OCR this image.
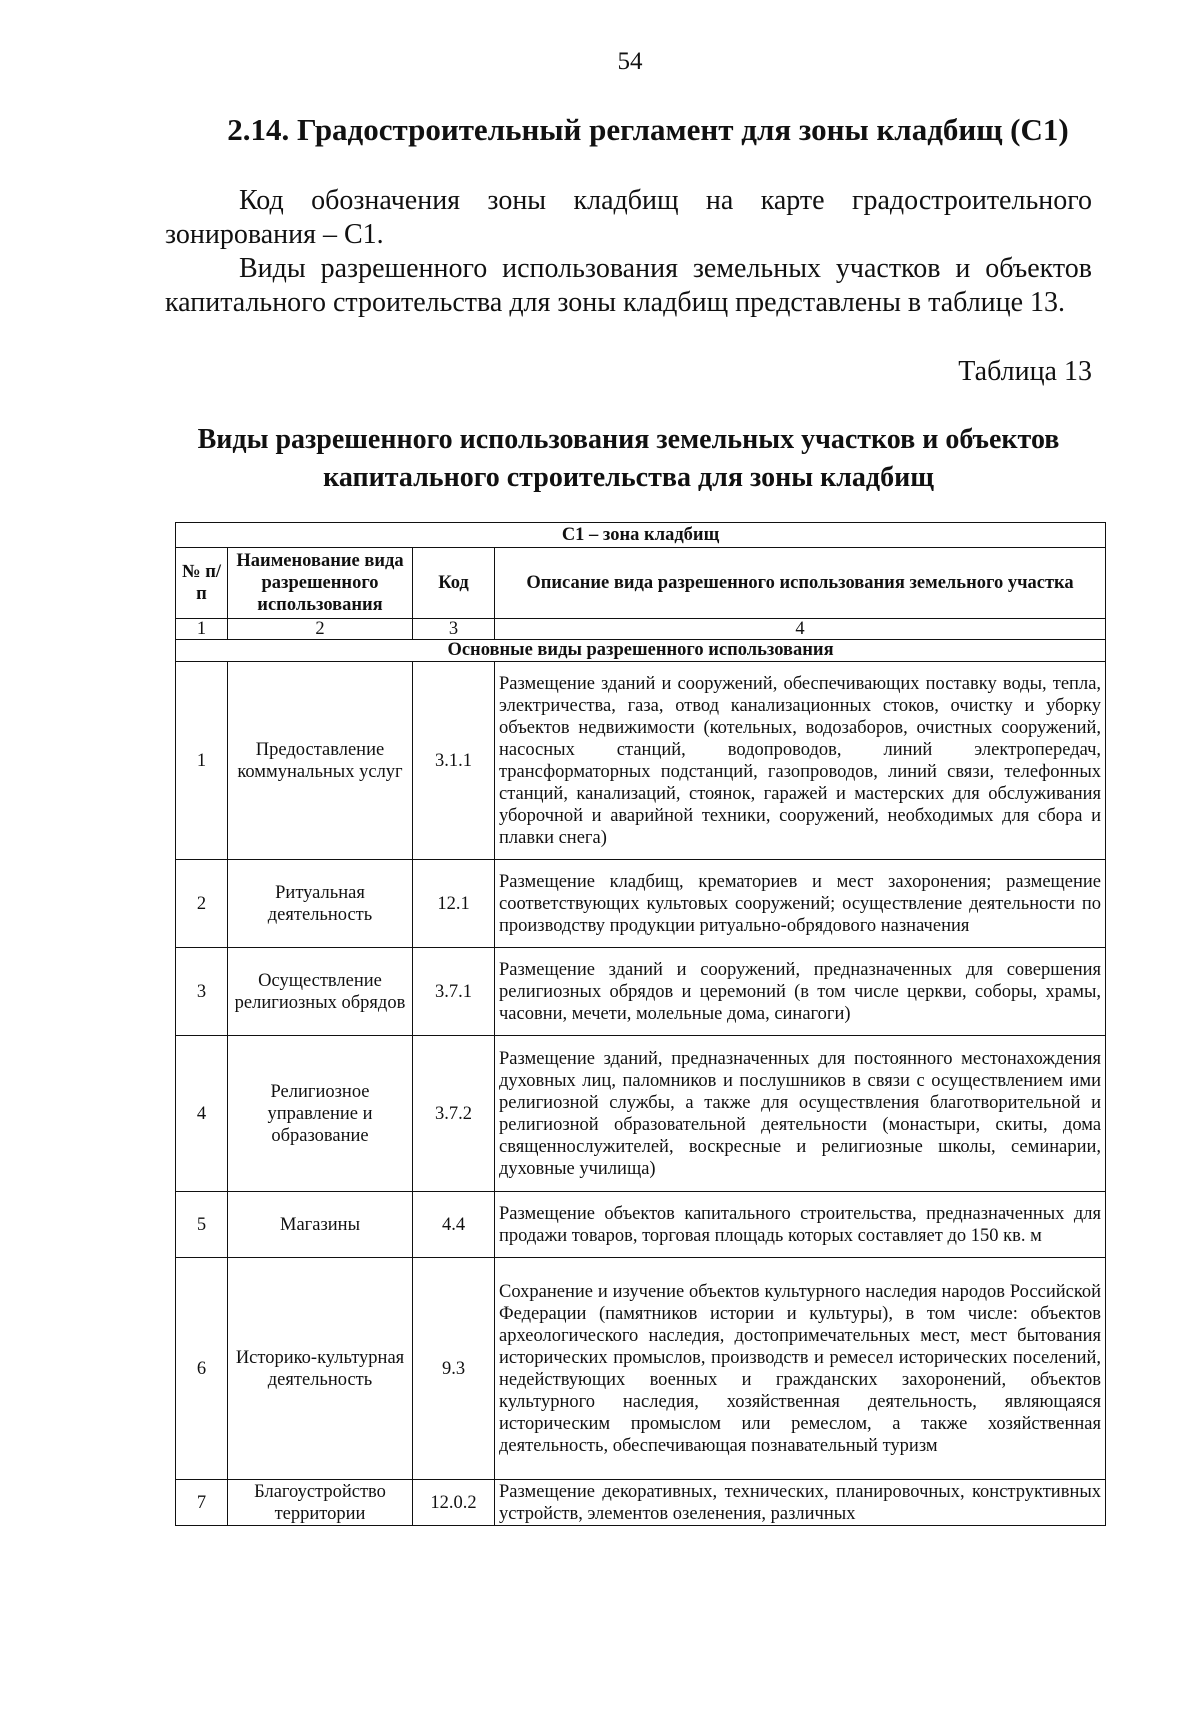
54
2.14. Градостроительный регламент для зоны кладбищ (С1)
Код обозначения зоны кладбищ на карте градостроительного зонирования – С1.
Виды разрешенного использования земельных участков и объектов капитального строительства для зоны кладбищ представлены в таблице 13.
Таблица 13
Виды разрешенного использования земельных участков и объектов
капитального строительства для зоны кладбищ
С1 – зона кладбищ			
№ п/п	Наименование вида разрешенного использования	Код	Описание вида разрешенного использования земельного участка
1	2	3	4
Основные виды разрешенного использования			
1	Предоставление коммунальных услуг	3.1.1	Размещение зданий и сооружений, обеспечивающих поставку воды, тепла, электричества, газа, отвод канализационных стоков, очистку и уборку объектов недвижимости (котельных, водозаборов, очистных сооружений, насосных станций, водопроводов, линий электропередач, трансформаторных подстанций, газопроводов, линий связи, телефонных станций, канализаций, стоянок, гаражей и мастерских для обслуживания уборочной и аварийной техники, сооружений, необходимых для сбора и плавки снега)
2	Ритуальная деятельность	12.1	Размещение кладбищ, крематориев и мест захоронения; размещение соответствующих культовых сооружений; осуществление деятельности по производству продукции ритуально-обрядового назначения
3	Осуществление религиозных обрядов	3.7.1	Размещение зданий и сооружений, предназначенных для совершения религиозных обрядов и церемоний (в том числе церкви, соборы, храмы, часовни, мечети, молельные дома, синагоги)
4	Религиозное управление и образование	3.7.2	Размещение зданий, предназначенных для постоянного местонахождения духовных лиц, паломников и послушников в связи с осуществлением ими религиозной службы, а также для осуществления благотворительной и религиозной образовательной деятельности (монастыри, скиты, дома священнослужителей, воскресные и религиозные школы, семинарии, духовные училища)
5	Магазины	4.4	Размещение объектов капитального строительства, предназначенных для продажи товаров, торговая площадь которых составляет до 150 кв. м
6	Историко-культурная деятельность	9.3	Сохранение и изучение объектов культурного наследия народов Российской Федерации (памятников истории и культуры), в том числе: объектов археологического наследия, достопримечательных мест, мест бытования исторических промыслов, производств и ремесел исторических поселений, недействующих военных и гражданских захоронений, объектов культурного наследия, хозяйственная деятельность, являющаяся историческим промыслом или ремеслом, а также хозяйственная деятельность, обеспечивающая познавательный туризм
7	Благоустройство территории	12.0.2	Размещение декоративных, технических, планировочных, конструктивных устройств, элементов озеленения, различных
